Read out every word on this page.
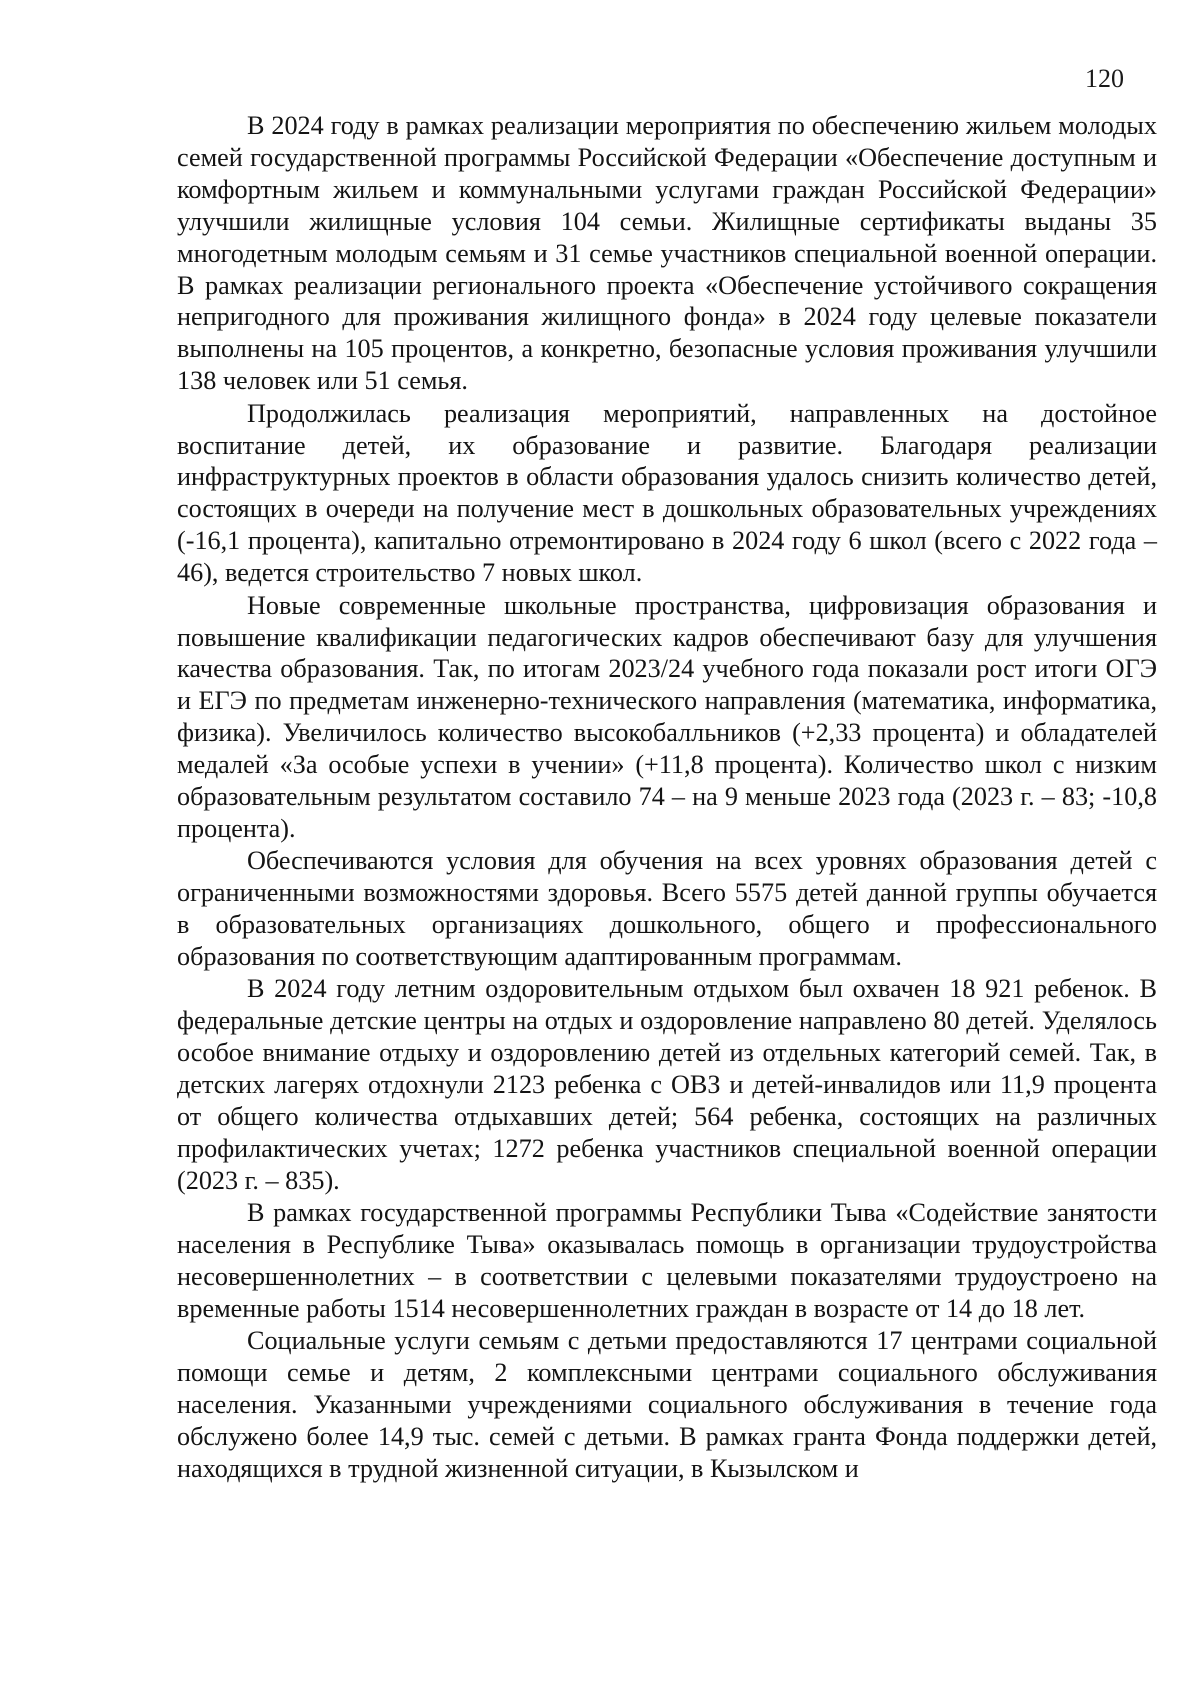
120

В 2024 году в рамках реализации мероприятия по обеспечению жильем молодых семей государственной программы Российской Федерации «Обеспечение доступным и комфортным жильем и коммунальными услугами граждан Российской Федерации» улучшили жилищные условия 104 семьи. Жилищные сертификаты выданы 35 многодетным молодым семьям и 31 семье участников специальной военной операции. В рамках реализации регионального проекта «Обеспечение устойчивого сокращения непригодного для проживания жилищного фонда» в 2024 году целевые показатели выполнены на 105 процентов, а конкретно, безопасные условия проживания улучшили 138 человек или 51 семья.

Продолжилась реализация мероприятий, направленных на достойное воспитание детей, их образование и развитие. Благодаря реализации инфраструктурных проектов в области образования удалось снизить количество детей, состоящих в очереди на получение мест в дошкольных образовательных учреждениях (-16,1 процента), капитально отремонтировано в 2024 году 6 школ (всего с 2022 года – 46), ведется строительство 7 новых школ.

Новые современные школьные пространства, цифровизация образования и повышение квалификации педагогических кадров обеспечивают базу для улучшения качества образования. Так, по итогам 2023/24 учебного года показали рост итоги ОГЭ и ЕГЭ по предметам инженерно-технического направления (математика, информатика, физика). Увеличилось количество высокобалльников (+2,33 процента) и обладателей медалей «За особые успехи в учении» (+11,8 процента). Количество школ с низким образовательным результатом составило 74 – на 9 меньше 2023 года (2023 г. – 83; -10,8 процента).

Обеспечиваются условия для обучения на всех уровнях образования детей с ограниченными возможностями здоровья. Всего 5575 детей данной группы обучается в образовательных организациях дошкольного, общего и профессионального образования по соответствующим адаптированным программам.

В 2024 году летним оздоровительным отдыхом был охвачен 18 921 ребенок. В федеральные детские центры на отдых и оздоровление направлено 80 детей. Уделялось особое внимание отдыху и оздоровлению детей из отдельных категорий семей. Так, в детских лагерях отдохнули 2123 ребенка с ОВЗ и детей-инвалидов или 11,9 процента от общего количества отдыхавших детей; 564 ребенка, состоящих на различных профилактических учетах; 1272 ребенка участников специальной военной операции (2023 г. – 835).

В рамках государственной программы Республики Тыва «Содействие занятости населения в Республике Тыва» оказывалась помощь в организации трудоустройства несовершеннолетних – в соответствии с целевыми показателями трудоустроено на временные работы 1514 несовершеннолетних граждан в возрасте от 14 до 18 лет.

Социальные услуги семьям с детьми предоставляются 17 центрами социальной помощи семье и детям, 2 комплексными центрами социального обслуживания населения. Указанными учреждениями социального обслуживания в течение года обслужено более 14,9 тыс. семей с детьми. В рамках гранта Фонда поддержки детей, находящихся в трудной жизненной ситуации, в Кызылском и
